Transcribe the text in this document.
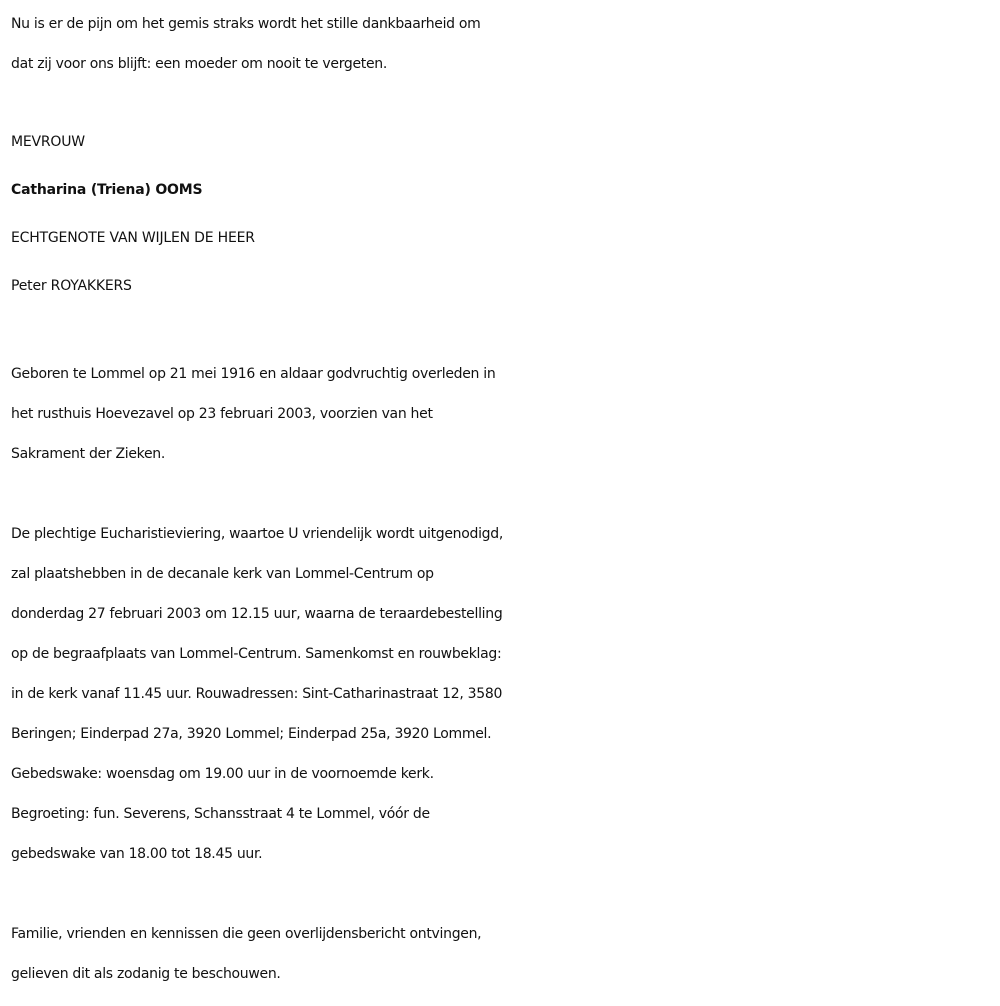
Nu is er de pijn om het gemis straks wordt het stille dankbaarheid om
dat zij voor ons blijft: een moeder om nooit te vergeten.
MEVROUW
Catharina (Triena) OOMS
ECHTGENOTE VAN WIJLEN DE HEER
Peter ROYAKKERS
Geboren te Lommel op 21 mei 1916 en aldaar godvruchtig overleden in
het rusthuis Hoevezavel op 23 februari 2003, voorzien van het
Sakrament der Zieken.
De plechtige Eucharistieviering, waartoe U vriendelijk wordt uitgenodigd,
zal plaatshebben in de decanale kerk van Lommel-Centrum op
donderdag 27 februari 2003 om 12.15 uur, waarna de teraardebestelling
op de begraafplaats van Lommel-Centrum. Samenkomst en rouwbeklag:
in de kerk vanaf 11.45 uur. Rouwadressen: Sint-Catharinastraat 12, 3580
Beringen; Einderpad 27a, 3920 Lommel; Einderpad 25a, 3920 Lommel.
Gebedswake: woensdag om 19.00 uur in de voornoemde kerk.
Begroeting: fun. Severens, Schansstraat 4 te Lommel, vóór de
gebedswake van 18.00 tot 18.45 uur.
Familie, vrienden en kennissen die geen overlijdensbericht ontvingen,
gelieven dit als zodanig te beschouwen.
